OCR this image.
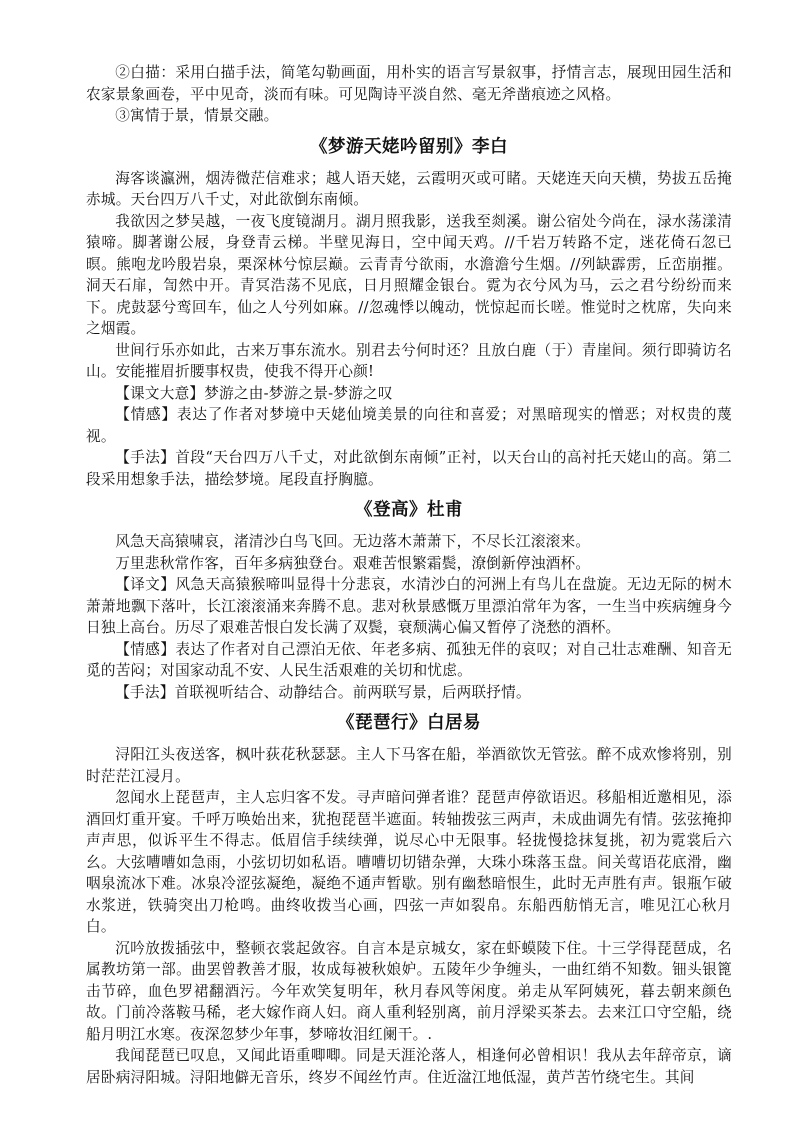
②白描：采用白描手法，简笔勾勒画面，用朴实的语言写景叙事，抒情言志，展现田园生活和农家景象画卷，平中见奇，淡而有味。可见陶诗平淡自然、毫无斧凿痕迹之风格。

③寓情于景，情景交融。

《梦游天姥吟留别》李白

海客谈瀛洲，烟涛微茫信难求；越人语天姥，云霞明灭或可睹。天姥连天向天横，势拔五岳掩赤城。天台四万八千丈，对此欲倒东南倾。

我欲因之梦吴越，一夜飞度镜湖月。湖月照我影，送我至剡溪。谢公宿处今尚在，渌水荡漾清猿啼。脚著谢公屐，身登青云梯。半壁见海日，空中闻天鸡。//千岩万转路不定，迷花倚石忽已暝。熊咆龙吟殷岩泉，栗深林兮惊层巅。云青青兮欲雨，水澹澹兮生烟。//列缺霹雳，丘峦崩摧。洞天石扉，訇然中开。青冥浩荡不见底，日月照耀金银台。霓为衣兮风为马，云之君兮纷纷而来下。虎鼓瑟兮鸾回车，仙之人兮列如麻。//忽魂悸以魄动，恍惊起而长嗟。惟觉时之枕席，失向来之烟霞。

世间行乐亦如此，古来万事东流水。别君去兮何时还？且放白鹿（于）青崖间。须行即骑访名山。安能摧眉折腰事权贵，使我不得开心颜!

【课文大意】梦游之由-梦游之景-梦游之叹

【情感】表达了作者对梦境中天姥仙境美景的向往和喜爱；对黑暗现实的憎恶；对权贵的蔑视。

【手法】首段“天台四万八千丈，对此欲倒东南倾”正衬，以天台山的高衬托天姥山的高。第二段采用想象手法，描绘梦境。尾段直抒胸臆。

《登高》杜甫

风急天高猿啸哀，渚清沙白鸟飞回。无边落木萧萧下，不尽长江滚滚来。

万里悲秋常作客，百年多病独登台。艰难苦恨繁霜鬓，潦倒新停浊酒杯。

【译文】风急天高猿猴啼叫显得十分悲哀，水清沙白的河洲上有鸟儿在盘旋。无边无际的树木萧萧地飘下落叶，长江滚滚涌来奔腾不息。悲对秋景感慨万里漂泊常年为客，一生当中疾病缠身今日独上高台。历尽了艰难苦恨白发长满了双鬓，衰颓满心偏又暂停了浇愁的酒杯。

【情感】表达了作者对自己漂泊无依、年老多病、孤独无伴的哀叹；对自己壮志难酬、知音无觅的苦闷；对国家动乱不安、人民生活艰难的关切和忧虑。

【手法】首联视听结合、动静结合。前两联写景，后两联抒情。

《琵琶行》白居易

浔阳江头夜送客，枫叶荻花秋瑟瑟。主人下马客在船，举酒欲饮无管弦。醉不成欢惨将别，别时茫茫江浸月。

忽闻水上琵琶声，主人忘归客不发。寻声暗问弹者谁？琵琶声停欲语迟。移船相近邀相见，添酒回灯重开宴。千呼万唤始出来，犹抱琵琶半遮面。转轴拨弦三两声，未成曲调先有情。弦弦掩抑声声思，似诉平生不得志。低眉信手续续弹，说尽心中无限事。轻拢慢捻抹复挑，初为霓裳后六幺。大弦嘈嘈如急雨，小弦切切如私语。嘈嘈切切错杂弹，大珠小珠落玉盘。间关莺语花底滑，幽咽泉流冰下难。冰泉冷涩弦凝绝，凝绝不通声暂歇。别有幽愁暗恨生，此时无声胜有声。银瓶乍破水浆迸，铁骑突出刀枪鸣。曲终收拨当心画，四弦一声如裂帛。东船西舫悄无言，唯见江心秋月白。

沉吟放拨插弦中，整顿衣裳起敛容。自言本是京城女，家在虾蟆陵下住。十三学得琵琶成，名属教坊第一部。曲罢曾教善才服，妆成每被秋娘妒。五陵年少争缠头，一曲红绡不知数。钿头银篦击节碎，血色罗裙翻酒污。今年欢笑复明年，秋月春风等闲度。弟走从军阿姨死，暮去朝来颜色故。门前冷落鞍马稀，老大嫁作商人妇。商人重利轻别离，前月浮梁买茶去。去来江口守空船，绕船月明江水寒。夜深忽梦少年事，梦啼妆泪红阑干。.

我闻琵琶已叹息，又闻此语重唧唧。同是天涯沦落人，相逢何必曾相识！我从去年辞帝京，谪居卧病浔阳城。浔阳地僻无音乐，终岁不闻丝竹声。住近湓江地低湿，黄芦苦竹绕宅生。其间
